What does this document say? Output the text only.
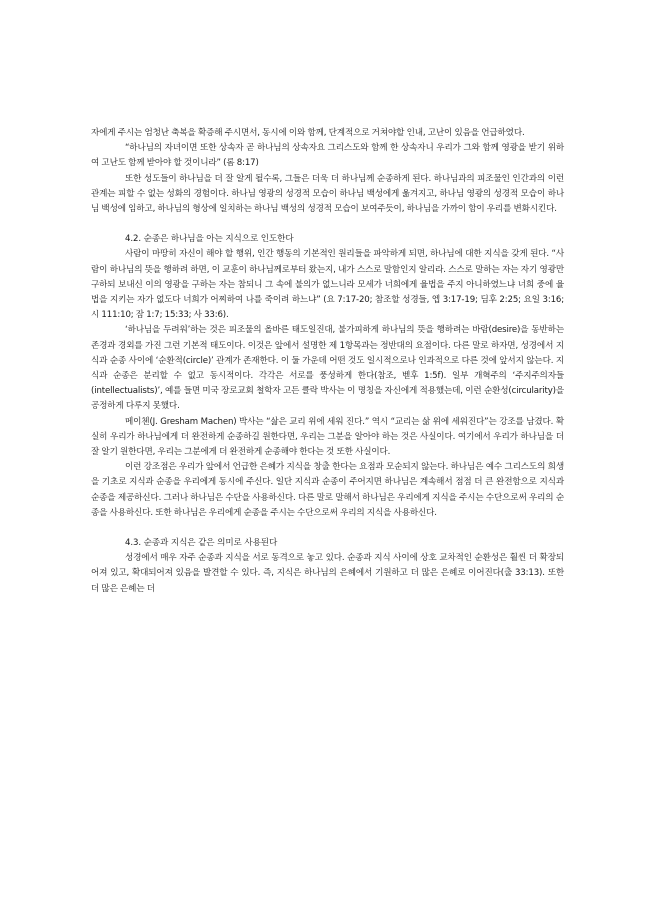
자에게 주시는 엄청난 축복을 확증해 주시면서, 동시에 이와 함께, 단계적으로 거쳐야할 인내, 고난이 있음을 언급하였다.

“하나님의 자녀이면 또한 상속자 곧 하나님의 상속자요 그리스도와 함께 한 상속자니 우리가 그와 함께 영광을 받기 위하여 고난도 함께 받아야 할 것이니라” (롬 8:17)

또한 성도들이 하나님을 더 잘 알게 될수록, 그들은 더욱 더 하나님께 순종하게 된다. 하나님과의 피조물인 인간과의 이런 관계는 피할 수 없는 성화의 경험이다. 하나님 영광의 성경적 모습이 하나님 백성에게 옮겨지고, 하나님 영광의 성경적 모습이 하나님 백성에 임하고, 하나님의 형상에 일치하는 하나님 백성의 성경적 모습이 보여주듯이, 하나님을 가까이 함이 우리를 변화시킨다.

4.2. 순종은 하나님을 아는 지식으로 인도한다

사람이 마땅히 자신이 해야 할 행위, 인간 행동의 기본적인 원리들을 파악하게 되면, 하나님에 대한 지식을 갖게 된다. “사람이 하나님의 뜻을 행하려 하면, 이 교훈이 하나님께로부터 왔는지, 내가 스스로 말함인지 알리라. 스스로 말하는 자는 자기 영광만 구하되 보내신 이의 영광을 구하는 자는 참되니 그 속에 불의가 없느니라 모세가 너희에게 율법을 주지 아니하였느냐 너희 중에 율법을 지키는 자가 없도다 너희가 어찌하여 나를 죽이려 하느냐” (요 7:17-20; 참조할 성경들, 엡 3:17-19; 딤후 2:25; 요일 3:16; 시 111:10; 잠 1:7; 15:33; 사 33:6).

‘하나님을 두려워’하는 것은 피조물의 올바른 태도일진대, 불가피하게 하나님의 뜻을 행하려는 바람(desire)을 동반하는 존경과 경외를 가진 그런 기본적 태도이다. 이것은 앞에서 설명한 제 1항목과는 정반대의 요점이다. 다른 말로 하자면, 성경에서 지식과 순종 사이에 ‘순환적(circle)’ 관계가 존재한다. 이 둘 가운데 어떤 것도 일시적으로나 인과적으로 다른 것에 앞서지 않는다. 지식과 순종은 분리할 수 없고 동시적이다. 각각은 서로를 풍성하게 한다(참조, 벧후 1:5f). 일부 개혁주의 ‘주지주의자들(intellectualists)’, 예를 들면 미국 장로교회 철학자 고든 클락 박사는 이 명칭을 자신에게 적용했는데, 이런 순환성(circularity)을 공정하게 다루지 못했다.

메이첸(J. Gresham Machen) 박사는 “삶은 교리 위에 세워 진다.” 역시 “교리는 삶 위에 세워진다”는 강조를 남겼다. 확실히 우리가 하나님에게 더 완전하게 순종하길 원한다면, 우리는 그분을 알아야 하는 것은 사실이다. 여기에서 우리가 하나님을 더 잘 알기 원한다면, 우리는 그분에게 더 완전하게 순종해야 한다는 것 또한 사실이다.

이런 강조점은 우리가 앞에서 언급한 은혜가 지식을 창출 한다는 요점과 모순되지 않는다. 하나님은 예수 그리스도의 희생을 기초로 지식과 순종을 우리에게 동시에 주신다. 일단 지식과 순종이 주어지면 하나님은 계속해서 점점 더 큰 완전함으로 지식과 순종을 제공하신다. 그러나 하나님은 수단을 사용하신다. 다른 말로 말해서 하나님은 우리에게 지식을 주시는 수단으로써 우리의 순종을 사용하신다. 또한 하나님은 우리에게 순종을 주시는 수단으로써 우리의 지식을 사용하신다.

4.3. 순종과 지식은 같은 의미로 사용된다

성경에서 매우 자주 순종과 지식을 서로 동격으로 놓고 있다. 순종과 지식 사이에 상호 교차적인 순환성은 훨씬 더 확장되어져 있고, 확대되어져 있음을 발견할 수 있다. 즉, 지식은 하나님의 은혜에서 기원하고 더 많은 은혜로 이어진다(출 33:13). 또한 더 많은 은혜는 더
